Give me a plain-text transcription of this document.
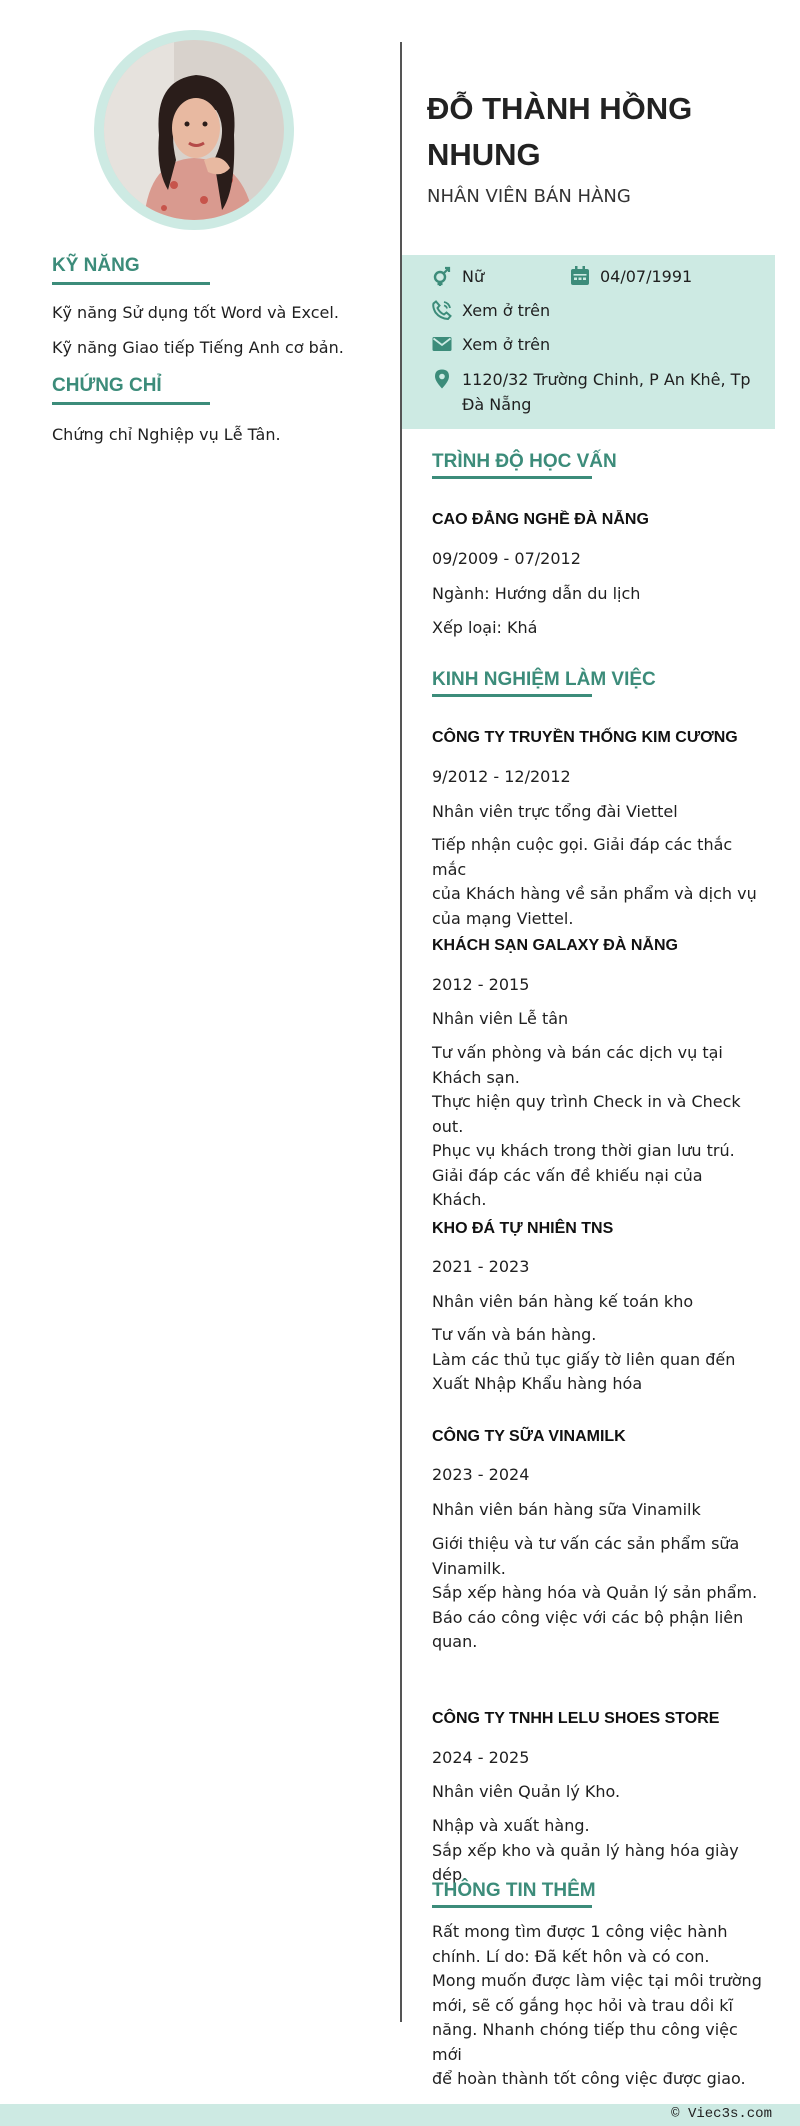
KỸ NĂNG
Kỹ năng Sử dụng tốt Word và Excel.
Kỹ năng Giao tiếp Tiếng Anh cơ bản.
CHỨNG CHỈ
Chứng chỉ Nghiệp vụ Lễ Tân.
ĐỖ THÀNH HỒNG NHUNG
NHÂN VIÊN BÁN HÀNG
Nữ	04/07/1991
Xem ở trên
Xem ở trên
1120/32 Trường Chinh, P An Khê, Tp Đà Nẵng
TRÌNH ĐỘ HỌC VẤN
CAO ĐẲNG NGHỀ ĐÀ NẴNG
09/2009 - 07/2012
Ngành: Hướng dẫn du lịch
Xếp loại: Khá
KINH NGHIỆM LÀM VIỆC
CÔNG TY TRUYỀN THỐNG KIM CƯƠNG
9/2012 - 12/2012
Nhân viên trực tổng đài Viettel
Tiếp nhận cuộc gọi. Giải đáp các thắc mắc
của Khách hàng về sản phẩm và dịch vụ
của mạng Viettel.
KHÁCH SẠN GALAXY ĐÀ NẴNG
2012 - 2015
Nhân viên Lễ tân
Tư vấn phòng và bán các dịch vụ tại
Khách sạn.
Thực hiện quy trình Check in và Check
out.
Phục vụ khách trong thời gian lưu trú.
Giải đáp các vấn đề khiếu nại của Khách.
KHO ĐÁ TỰ NHIÊN TNS
2021 - 2023
Nhân viên bán hàng kế toán kho
Tư vấn và bán hàng.
Làm các thủ tục giấy tờ liên quan đến
Xuất Nhập Khẩu hàng hóa
CÔNG TY SỮA VINAMILK
2023 - 2024
Nhân viên bán hàng sữa Vinamilk
Giới thiệu và tư vấn các sản phẩm sữa
Vinamilk.
Sắp xếp hàng hóa và Quản lý sản phẩm.
Báo cáo công việc với các bộ phận liên
quan.
CÔNG TY TNHH LELU SHOES STORE
2024 - 2025
Nhân viên Quản lý Kho.
Nhập và xuất hàng.
Sắp xếp kho và quản lý hàng hóa giày dép.
THÔNG TIN THÊM
Rất mong tìm được 1 công việc hành
chính. Lí do: Đã kết hôn và có con.
Mong muốn được làm việc tại môi trường
mới, sẽ cố gắng học hỏi và trau dồi kĩ
năng. Nhanh chóng tiếp thu công việc mới
để hoàn thành tốt công việc được giao.
© Viec3s.com
